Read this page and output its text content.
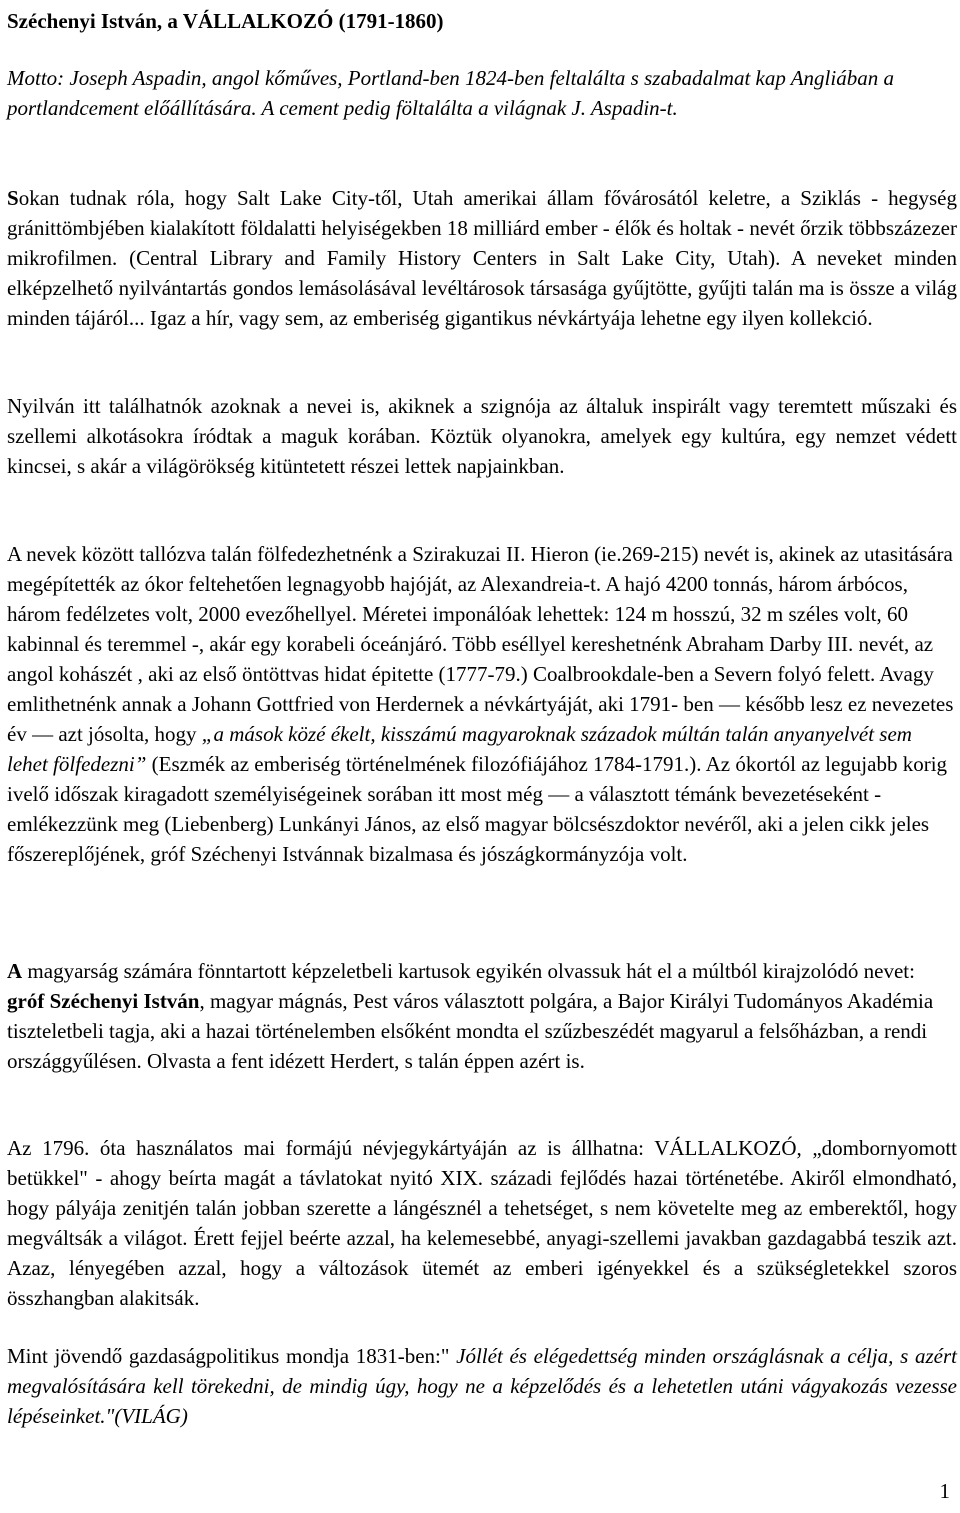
Széchenyi István, a VÁLLALKOZÓ (1791-1860)
Motto: Joseph Aspadin, angol kőműves, Portland-ben 1824-ben feltalálta s szabadalmat kap Angliában a portlandcement előállítására. A cement pedig föltalálta a világnak J. Aspadin-t.

Sokan tudnak róla, hogy Salt Lake City-től, Utah amerikai állam fővárosától keletre, a Sziklás - hegység gránittömbjében kialakított földalatti helyiségekben 18 milliárd ember - élők és holtak - nevét őrzik többszázezer mikrofilmen. (Central Library and Family History Centers in Salt Lake City, Utah). A neveket minden elképzelhető nyilvántartás gondos lemásolásával levéltárosok társasága gyűjtötte, gyűjti talán ma is össze a világ minden tájáról... Igaz a hír, vagy sem, az emberiség gigantikus névkártyája lehetne egy ilyen kollekció.

Nyilván itt találhatnók azoknak a nevei is, akiknek a szignója az általuk inspirált vagy teremtett műszaki és szellemi alkotásokra íródtak a maguk korában. Köztük olyanokra, amelyek egy kultúra, egy nemzet védett kincsei, s akár a világörökség kitüntetett részei lettek napjainkban.

A nevek között tallózva talán fölfedezhetnénk a Szirakuzai II. Hieron (ie.269-215) nevét is, akinek az utasitására megépítették az ókor feltehetően legnagyobb hajóját, az Alexandreia-t. A hajó 4200 tonnás, három árbócos, három fedélzetes volt, 2000 evezőhellyel. Méretei imponálóak lehettek: 124 m hosszú, 32 m széles volt, 60 kabinnal és teremmel -, akár egy korabeli óceánjáró. Több eséllyel kereshetnénk Abraham Darby III. nevét, az angol kohászét , aki az első öntöttvas hidat épitette (1777-79.) Coalbrookdale-ben a Severn folyó felett. Avagy emlithetnénk annak a Johann Gottfried von Herdernek a névkártyáját, aki 1791- ben — később lesz ez nevezetes év — azt jósolta, hogy „a mások közé ékelt, kisszámú magyaroknak századok múltán talán anyanyelvét sem lehet fölfedezni” (Eszmék az emberiség történelmének filozófiájához 1784-1791.). Az ókortól az legujabb korig ivelő időszak kiragadott személyiségeinek sorában itt most még — a választott témánk bevezetéseként - emlékezzünk meg (Liebenberg) Lunkányi János, az első magyar bölcsészdoktor nevéről, aki a jelen cikk jeles főszereplőjének, gróf Széchenyi Istvánnak bizalmasa és jószágkormányzója volt.

A magyarság számára fönntartott képzeletbeli kartusok egyikén olvassuk hát el a múltból kirajzolódó nevet: gróf Széchenyi István, magyar mágnás, Pest város választott polgára, a Bajor Királyi Tudományos Akadémia tiszteletbeli tagja, aki a hazai történelemben elsőként mondta el szűzbeszédét magyarul a felsőházban, a rendi országgyűlésen. Olvasta a fent idézett Herdert, s talán éppen azért is.

Az 1796. óta használatos mai formájú névjegykártyáján az is állhatna: VÁLLALKOZÓ, „dombornyomott betükkel" - ahogy beírta magát a távlatokat nyitó XIX. századi fejlődés hazai történetébe. Akiről elmondható, hogy pályája zenitjén talán jobban szerette a lángésznél a tehetséget, s nem követelte meg az emberektől, hogy megváltsák a világot. Érett fejjel beérte azzal, ha kelemesebbé, anyagi-szellemi javakban gazdagabbá teszik azt. Azaz, lényegében azzal, hogy a változások ütemét az emberi igényekkel és a szükségletekkel szoros összhangban alakitsák.

Mint jövendő gazdaságpolitikus mondja 1831-ben:" Jóllét és elégedettség minden országlásnak a célja, s azért megvalósítására kell törekedni, de mindig úgy, hogy ne a képzelődés és a lehetetlen utáni vágyakozás vezesse lépéseinket."(VILÁG)

1
